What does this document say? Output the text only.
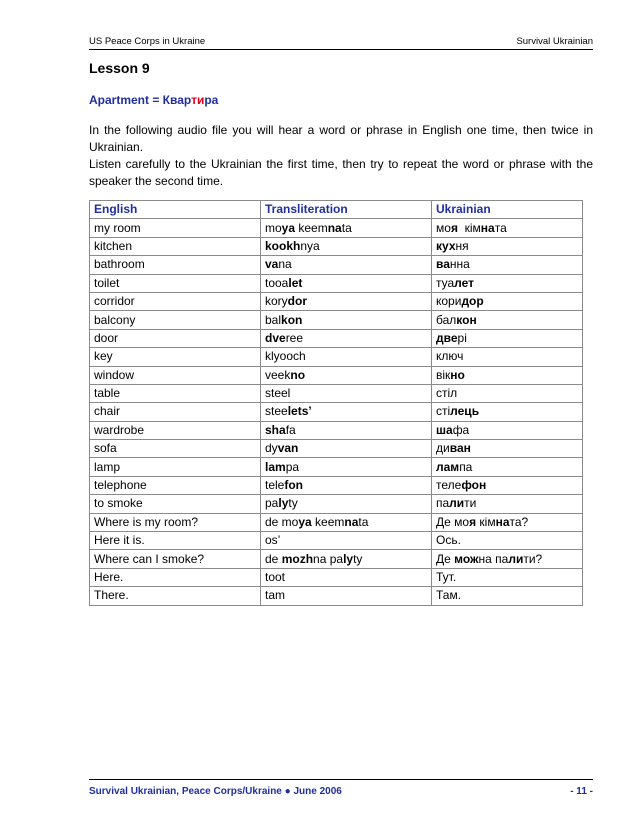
US Peace Corps in Ukraine	Survival Ukrainian
Lesson 9
Apartment = Квартира

In the following audio file you will hear a word or phrase in English one time, then twice in Ukrainian.

Listen carefully to the Ukrainian the first time, then try to repeat the word or phrase with the speaker the second time.

English	Transliteration	Ukrainian
my room	moya keemnata	моя  кімната
kitchen	kookhnya	кухня
bathroom	vana	ванна
toilet	tooalet	туалет
corridor	korydor	коридор
balcony	balkon	балкон
door	dveree	двері
key	klyooch	ключ
window	veekno	вікно
table	steel	стіл
chair	steelets’	стілець
wardrobe	shafa	шафа
sofa	dyvan	диван
lamp	lampa	лампа
telephone	telefon	телефон
to smoke	palyty	палити
Where is my room?	de moya keemnata	Де моя кімната?
Here it is.	os’	Ось.
Where can I smoke?	de mozhna palyty	Де можна палити?
Here.	toot	Тут.
There.	tam	Там.
Survival Ukrainian, Peace Corps/Ukraine ● June 2006	- 11 -
